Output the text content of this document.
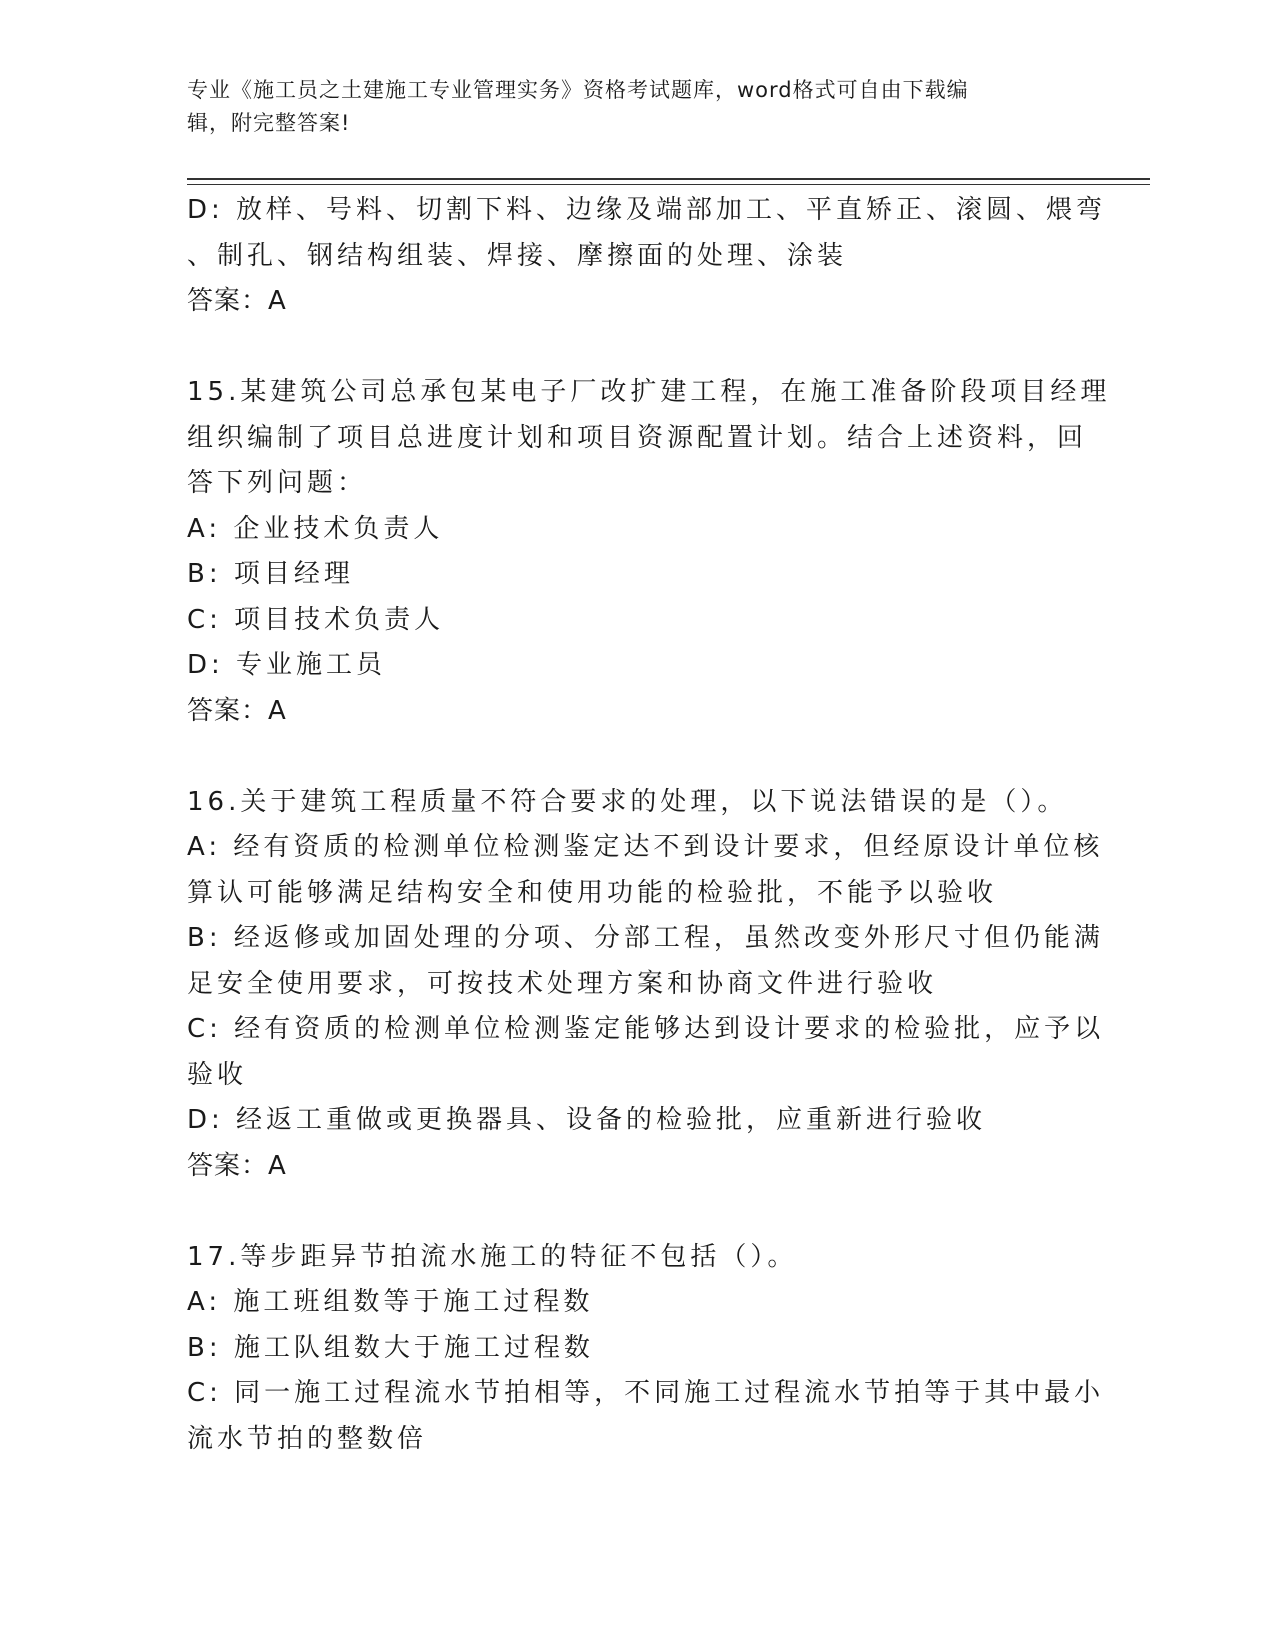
专业《施工员之土建施工专业管理实务》资格考试题库，word格式可自由下载编
辑，附完整答案!
D: 放样、号料、切割下料、边缘及端部加工、平直矫正、滚圆、煨弯
、制孔、钢结构组装、焊接、摩擦面的处理、涂装
答案：A
15.某建筑公司总承包某电子厂改扩建工程，在施工准备阶段项目经理
组织编制了项目总进度计划和项目资源配置计划。结合上述资料，回
答下列问题：
A: 企业技术负责人
B: 项目经理
C: 项目技术负责人
D: 专业施工员
答案：A
16.关于建筑工程质量不符合要求的处理，以下说法错误的是（）。
A: 经有资质的检测单位检测鉴定达不到设计要求，但经原设计单位核
算认可能够满足结构安全和使用功能的检验批，不能予以验收
B: 经返修或加固处理的分项、分部工程，虽然改变外形尺寸但仍能满
足安全使用要求，可按技术处理方案和协商文件进行验收
C: 经有资质的检测单位检测鉴定能够达到设计要求的检验批，应予以
验收
D: 经返工重做或更换器具、设备的检验批，应重新进行验收
答案：A
17.等步距异节拍流水施工的特征不包括（）。
A: 施工班组数等于施工过程数
B: 施工队组数大于施工过程数
C: 同一施工过程流水节拍相等，不同施工过程流水节拍等于其中最小
流水节拍的整数倍
